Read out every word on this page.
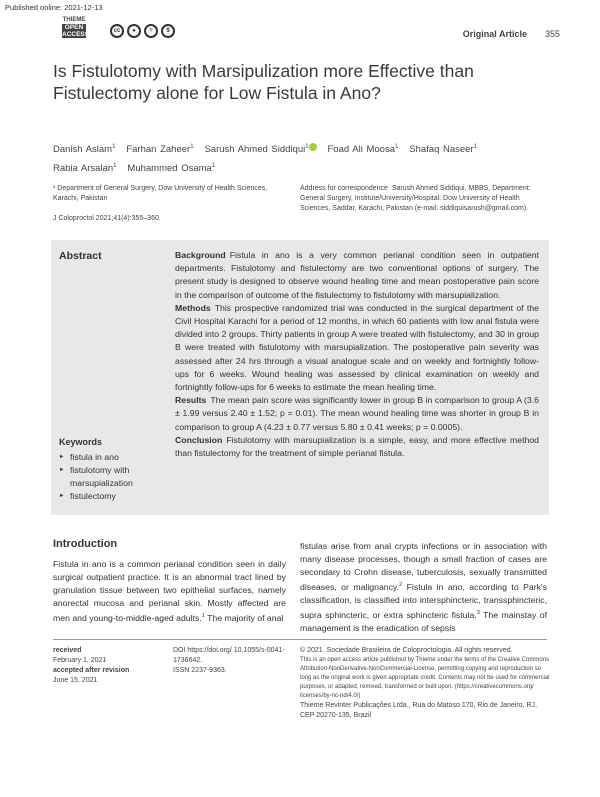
Published online: 2021-12-13
THIEME
OPEN
ACCESS	cc	●	=	$	Original Article 355
Is Fistulotomy with Marsipulization more Effective than Fistulectomy alone for Low Fistula in Ano?
Danish Aslam$^1$ Farhan Zaheer$^1$ Sarush Ahmed Siddiqui$^1$ Foad Ali Moosa$^1$ Shafaq Naseer$^1$
Rabia Arsalan$^1$ Muhammed Osama$^1$
¹ Department of General Surgery, Dow University of Health Sciences, Karachi, Pakistan
J Coloproctol 2021;41(4):355–360.
Address for correspondence Sarush Ahmed Siddiqui, MBBS, Department: General Surgery, Institute/University/Hospital: Dow University of Health Sciences, Saddar, Karachi, Pakistan (e-mail: siddiquisarush@gmail.com).
Abstract	Background Fistula in ano is a very common perianal condition seen in outpatient departments. Fistulotomy and fistulectomy are two conventional options of surgery. The present study is designed to observe wound healing time and mean postoperative pain score in the comparison of outcome of the fistulectomy to fistulotomy with marsupialization.

Methods This prospective randomized trial was conducted in the surgical department of the Civil Hospital Karachi for a period of 12 months, in which 60 patients with low anal fistula were divided into 2 groups. Thirty patients in group A were treated with fistulectomy, and 30 in group B were treated with fistulotomy with marsupialization. The postoperative pain severity was assessed after 24 hrs through a visual analogue scale and on weekly and fortnightly follow-ups for 6 weeks. Wound healing was assessed by clinical examination on weekly and fortnightly follow-ups for 6 weeks to estimate the mean healing time.

Results The mean pain score was significantly lower in group B in comparison to group A (3.6 ± 1.99 versus 2.40 ± 1.52; p = 0.01). The mean wound healing time was shorter in group B in comparison to group A (4.23 ± 0.77 versus 5.80 ± 0.41 weeks; p = 0.0005).

Conclusion Fistulotomy with marsupialization is a simple, easy, and more effective method than fistulectomy for the treatment of simple perianal fistula.

Keywords
► fistula in ano
► fistulotomy with marsupialization
► fistulectomy
Introduction
Fistula in ano is a common perianal condition seen in daily surgical outpatient practice. It is an abnormal tract lined by granulation tissue between two epithelial surfaces, namely anorectal mucosa and perianal skin. Mostly affected are men and young-to-middle-aged adults.$^1$ The majority of anal
fistulas arise from anal crypts infections or in association with many disease processes, though a small fraction of cases are secondary to Crohn disease, tuberculosis, sexually transmitted diseases, or malignancy.$^2$ Fistula in ano, according to Park's classification, is classified into intersphincteric, transsphincteric, supra sphincteric, or extra sphincteric fistula.$^3$ The mainstay of management is the eradication of sepsis
received
February 1, 2021
accepted after revision
June 15, 2021
DOI https://doi.org/ 10.1055/s-0041-1736642.
ISSN 2237-9363.
© 2021. Sociedade Brasileira de Coloproctologia. All rights reserved.
This is an open access article published by Thieme under the terms of the Creative Commons Attribution-NonDerivative-NonCommercial-License, permitting copying and reproduction so long as the original work is given appropriate credit. Contents may not be used for commercial purposes, or adapted, remixed, transformed or built upon. (https://creativecommons.org/ licenses/by-nc-nd/4.0/)
Thieme Revinter Publicações Ltda., Rua do Matoso 170, Rio de Janeiro, RJ, CEP 20270-135, Brazil
